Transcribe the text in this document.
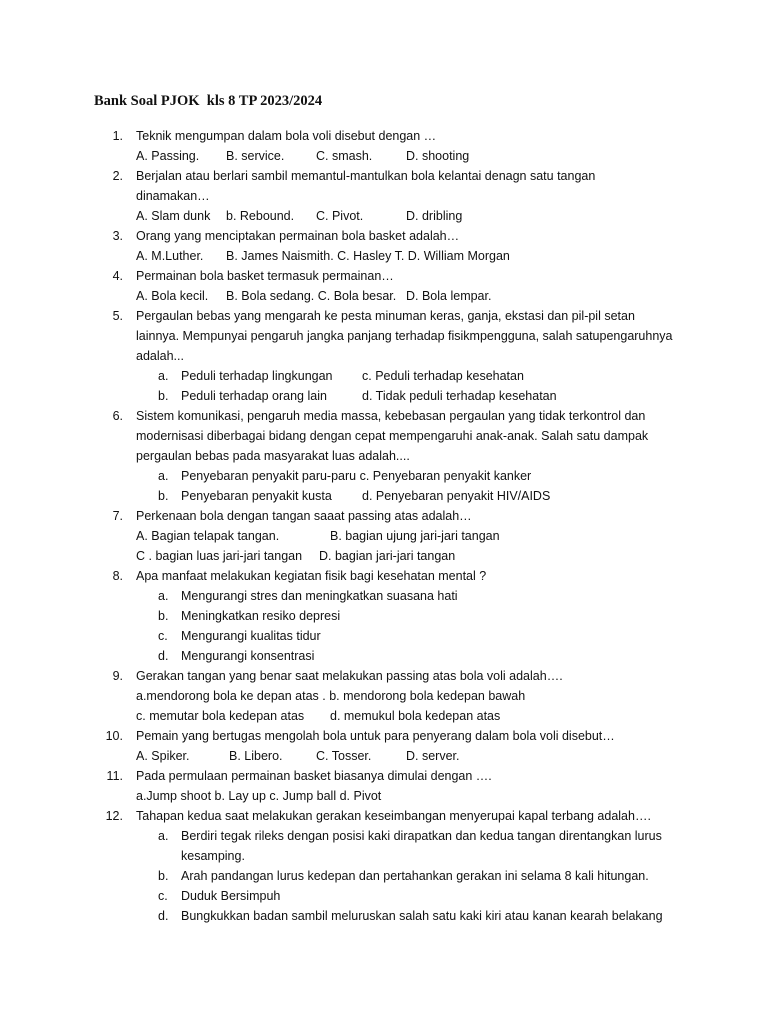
Bank Soal PJOK  kls 8 TP 2023/2024
1. Teknik mengumpan dalam bola voli disebut dengan …
A. Passing. B. service.	C. smash.	D. shooting
2. Berjalan atau berlari sambil memantul-mantulkan bola kelantai denagn satu tangan
dinamakan…
A. Slam dunk b. Rebound. C. Pivot.	D. dribling
3. Orang yang menciptakan permainan bola basket adalah…
A. M.Luther. B. James Naismith. C. Hasley T. D. William Morgan
4. Permainan bola basket termasuk permainan…
A. Bola kecil. B. Bola sedang. C. Bola besar. D. Bola lempar.
5. Pergaulan bebas yang mengarah ke pesta minuman keras, ganja, ekstasi dan pil-pil setan
lainnya. Mempunyai pengaruh jangka panjang terhadap fisikmpengguna, salah satupengaruhnya
adalah...
a. Peduli terhadap lingkungan c. Peduli terhadap kesehatan
b. Peduli terhadap orang lain	d. Tidak peduli terhadap kesehatan
6. Sistem komunikasi, pengaruh media massa, kebebasan pergaulan yang tidak terkontrol dan
modernisasi diberbagai bidang dengan cepat mempengaruhi anak-anak. Salah satu dampak
pergaulan bebas pada masyarakat luas adalah....
a. Penyebaran penyakit paru-paru c. Penyebaran penyakit kanker
b. Penyebaran penyakit kusta d. Penyebaran penyakit HIV/AIDS
7. Perkenaan bola dengan tangan saaat passing atas adalah…
A. Bagian telapak tangan.	B. bagian ujung jari-jari tangan
C . bagian luas jari-jari tangan D. bagian jari-jari tangan
8. Apa manfaat melakukan kegiatan fisik bagi kesehatan mental ?
a. Mengurangi stres dan meningkatkan suasana hati
b. Meningkatkan resiko depresi
c. Mengurangi kualitas tidur
d. Mengurangi konsentrasi
9. Gerakan tangan yang benar saat melakukan passing atas bola voli adalah….
a.mendorong bola ke depan atas . b. mendorong bola kedepan bawah
c. memutar bola kedepan atas d. memukul bola kedepan atas
10. Pemain yang bertugas mengolah bola untuk para penyerang dalam bola voli disebut…
A. Spiker.	B. Libero.	C. Tosser.	D. server.
11. Pada permulaan permainan basket biasanya dimulai dengan ….
a.Jump shoot b. Lay up c. Jump ball d. Pivot
12. Tahapan kedua saat melakukan gerakan keseimbangan menyerupai kapal terbang adalah….
a. Berdiri tegak rileks dengan posisi kaki dirapatkan dan kedua tangan direntangkan lurus
kesamping.
b. Arah pandangan lurus kedepan dan pertahankan gerakan ini selama 8 kali hitungan.
c. Duduk Bersimpuh
d. Bungkukkan badan sambil meluruskan salah satu kaki kiri atau kanan kearah belakang
